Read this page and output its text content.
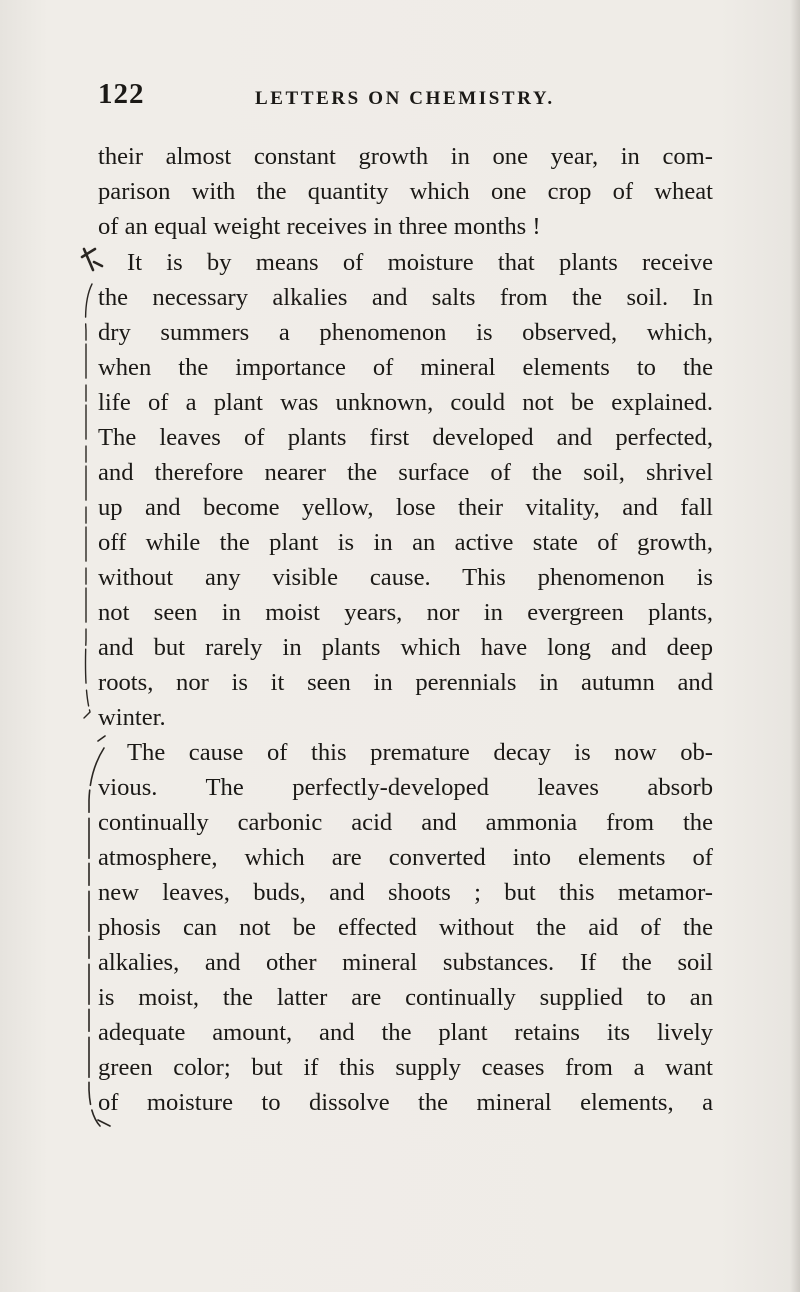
122	LETTERS ON CHEMISTRY.
their almost constant growth in one year, in com-
parison with the quantity which one crop of wheat
of an equal weight receives in three months !
It is by means of moisture that plants receive
the necessary alkalies and salts from the soil. In
dry summers a phenomenon is observed, which,
when the importance of mineral elements to the
life of a plant was unknown, could not be explained.
The leaves of plants first developed and perfected,
and therefore nearer the surface of the soil, shrivel
up and become yellow, lose their vitality, and fall
off while the plant is in an active state of growth,
without any visible cause. This phenomenon is
not seen in moist years, nor in evergreen plants,
and but rarely in plants which have long and deep
roots, nor is it seen in perennials in autumn and
winter.
The cause of this premature decay is now ob-
vious. The perfectly-developed leaves absorb
continually carbonic acid and ammonia from the
atmosphere, which are converted into elements of
new leaves, buds, and shoots ; but this metamor-
phosis can not be effected without the aid of the
alkalies, and other mineral substances. If the soil
is moist, the latter are continually supplied to an
adequate amount, and the plant retains its lively
green color; but if this supply ceases from a want
of moisture to dissolve the mineral elements, a
